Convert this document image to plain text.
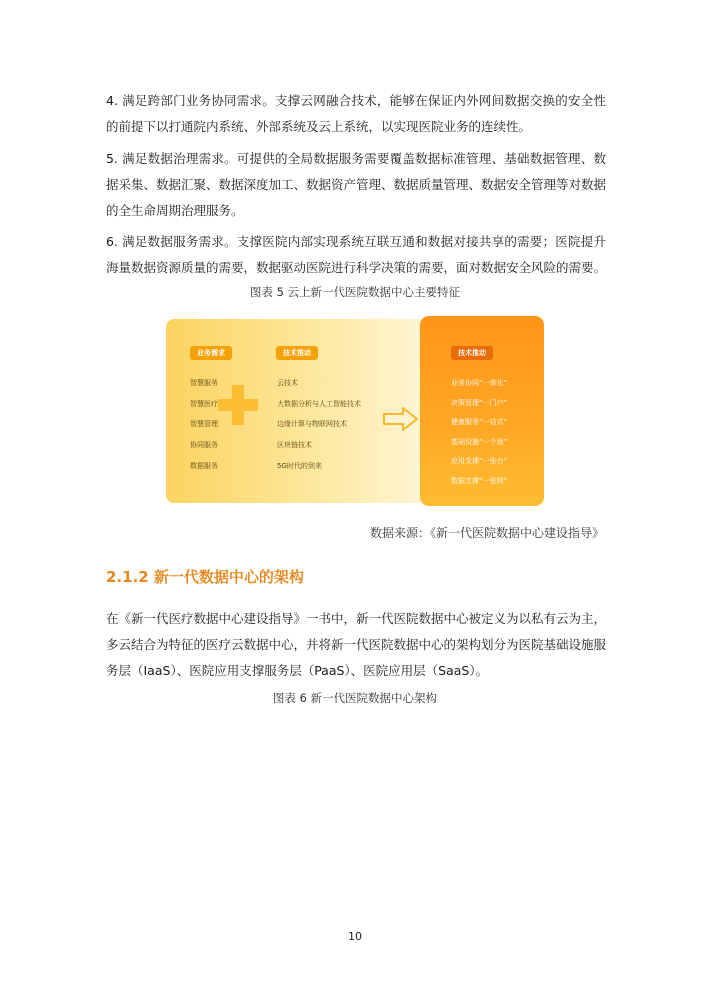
4. 满足跨部门业务协同需求。支撑云网融合技术，能够在保证内外网间数据交换的安全性的前提下以打通院内系统、外部系统及云上系统，以实现医院业务的连续性。

5. 满足数据治理需求。可提供的全局数据服务需要覆盖数据标准管理、基础数据管理、数据采集、数据汇聚、数据深度加工、数据资产管理、数据质量管理、数据安全管理等对数据的全生命周期治理服务。

6. 满足数据服务需求。支撑医院内部实现系统互联互通和数据对接共享的需要；医院提升海量数据资源质量的需要，数据驱动医院进行科学决策的需要，面对数据安全风险的需要。

图表 5 云上新一代医院数据中心主要特征

业务需求
智慧服务
智慧医疗
智慧管理
协同服务
数据服务
技术推动
云技术
大数据分析与人工智能技术
边缘计算与物联网技术
区块链技术
5G时代的到来
技术推动
业务协同“一体化”
决策管理“一门户”
健康服务“一站式”
基础设施“一个池”
应用支撑“一张台”
数据支撑“一张网”

数据来源：《新一代医院数据中心建设指导》

2.1.2 新一代数据中心的架构

在《新一代医疗数据中心建设指导》一书中，新一代医院数据中心被定义为以私有云为主，多云结合为特征的医疗云数据中心，并将新一代医院数据中心的架构划分为医院基础设施服务层（IaaS）、医院应用支撑服务层（PaaS）、医院应用层（SaaS）。

图表 6 新一代医院数据中心架构

10
